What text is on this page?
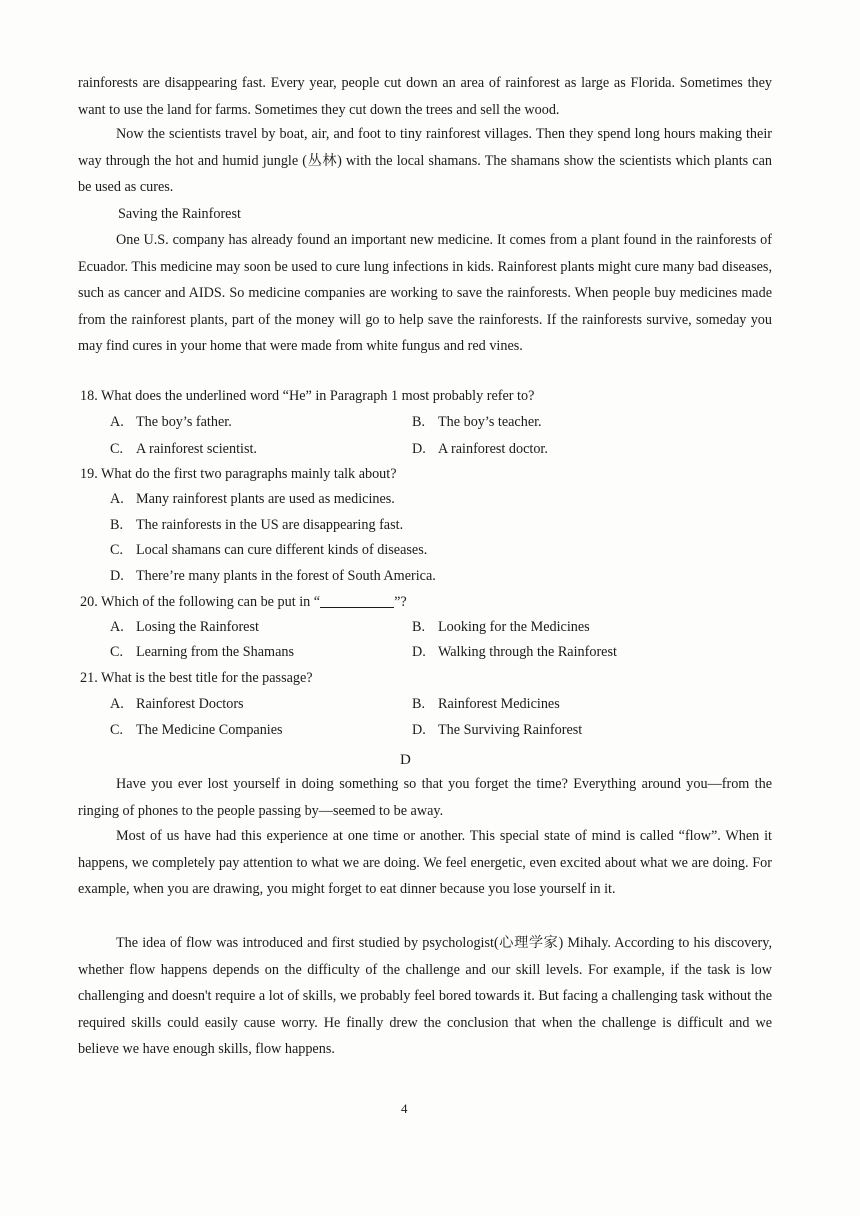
rainforests are disappearing fast. Every year, people cut down an area of rainforest as large as Florida. Sometimes they want to use the land for farms. Sometimes they cut down the trees and sell the wood.

Now the scientists travel by boat, air, and foot to tiny rainforest villages. Then they spend long hours making their way through the hot and humid jungle (丛林) with the local shamans. The shamans show the scientists which plants can be used as cures.

Saving the Rainforest

One U.S. company has already found an important new medicine. It comes from a plant found in the rainforests of Ecuador. This medicine may soon be used to cure lung infections in kids. Rainforest plants might cure many bad diseases, such as cancer and AIDS. So medicine companies are working to save the rainforests. When people buy medicines made from the rainforest plants, part of the money will go to help save the rainforests. If the rainforests survive, someday you may find cures in your home that were made from white fungus and red vines.

18. What does the underlined word “He” in Paragraph 1 most probably refer to?

A. The boy’s father.	B. The boy’s teacher.

C. A rainforest scientist.	D. A rainforest doctor.

19. What do the first two paragraphs mainly talk about?

A. Many rainforest plants are used as medicines.

B. The rainforests in the US are disappearing fast.

C. Local shamans can cure different kinds of diseases.

D. There’re many plants in the forest of South America.

20. Which of the following can be put in “	”?

A. Losing the Rainforest	B. Looking for the Medicines

C. Learning from the Shamans	D. Walking through the Rainforest

21. What is the best title for the passage?

A. Rainforest Doctors	B. Rainforest Medicines

C. The Medicine Companies	D. The Surviving Rainforest

D

Have you ever lost yourself in doing something so that you forget the time? Everything around you—from the ringing of phones to the people passing by—seemed to be away.

Most of us have had this experience at one time or another. This special state of mind is called “flow”. When it happens, we completely pay attention to what we are doing. We feel energetic, even excited about what we are doing. For example, when you are drawing, you might forget to eat dinner because you lose yourself in it.

The idea of flow was introduced and first studied by psychologist(心理学家) Mihaly. According to his discovery, whether flow happens depends on the difficulty of the challenge and our skill levels. For example, if the task is low challenging and doesn't require a lot of skills, we probably feel bored towards it. But facing a challenging task without the required skills could easily cause worry. He finally drew the conclusion that when the challenge is difficult and we believe we have enough skills, flow happens.

4
